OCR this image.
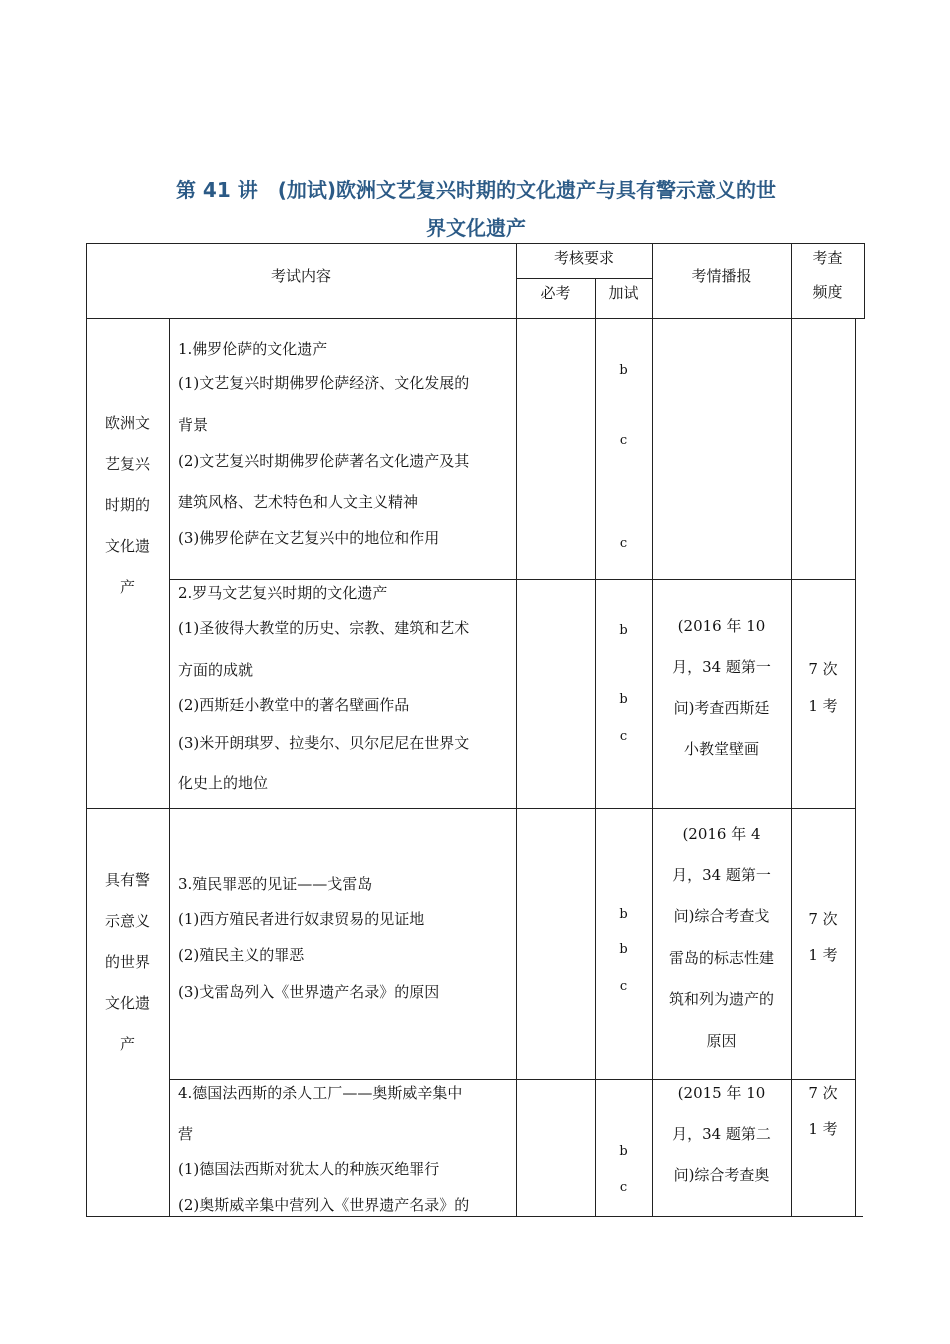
第 41 讲　(加试)欧洲文艺复兴时期的文化遗产与具有警示意义的世
界文化遗产
考试内容
考核要求
必考	加试
考情播报
考查
频度
欧洲文
艺复兴
时期的
文化遗
产
具有警
示意义
的世界
文化遗
产
1.佛罗伦萨的文化遗产
(1)文艺复兴时期佛罗伦萨经济、文化发展的
背景
(2)文艺复兴时期佛罗伦萨著名文化遗产及其
建筑风格、艺术特色和人文主义精神
(3)佛罗伦萨在文艺复兴中的地位和作用
b
c
c
2.罗马文艺复兴时期的文化遗产
(1)圣彼得大教堂的历史、宗教、建筑和艺术
方面的成就
(2)西斯廷小教堂中的著名壁画作品
(3)米开朗琪罗、拉斐尔、贝尔尼尼在世界文
化史上的地位
b
b
c
(2016 年 10
月，34 题第一
问)考查西斯廷
小教堂壁画
7 次
1 考
3.殖民罪恶的见证——戈雷岛
(1)西方殖民者进行奴隶贸易的见证地
(2)殖民主义的罪恶
(3)戈雷岛列入《世界遗产名录》的原因
b
b
c
(2016 年 4
月，34 题第一
问)综合考查戈
雷岛的标志性建
筑和列为遗产的
原因
7 次
1 考
4.德国法西斯的杀人工厂——奥斯威辛集中
营
(1)德国法西斯对犹太人的种族灭绝罪行
(2)奥斯威辛集中营列入《世界遗产名录》的
b
c
(2015 年 10
月，34 题第二
问)综合考查奥
7 次
1 考
